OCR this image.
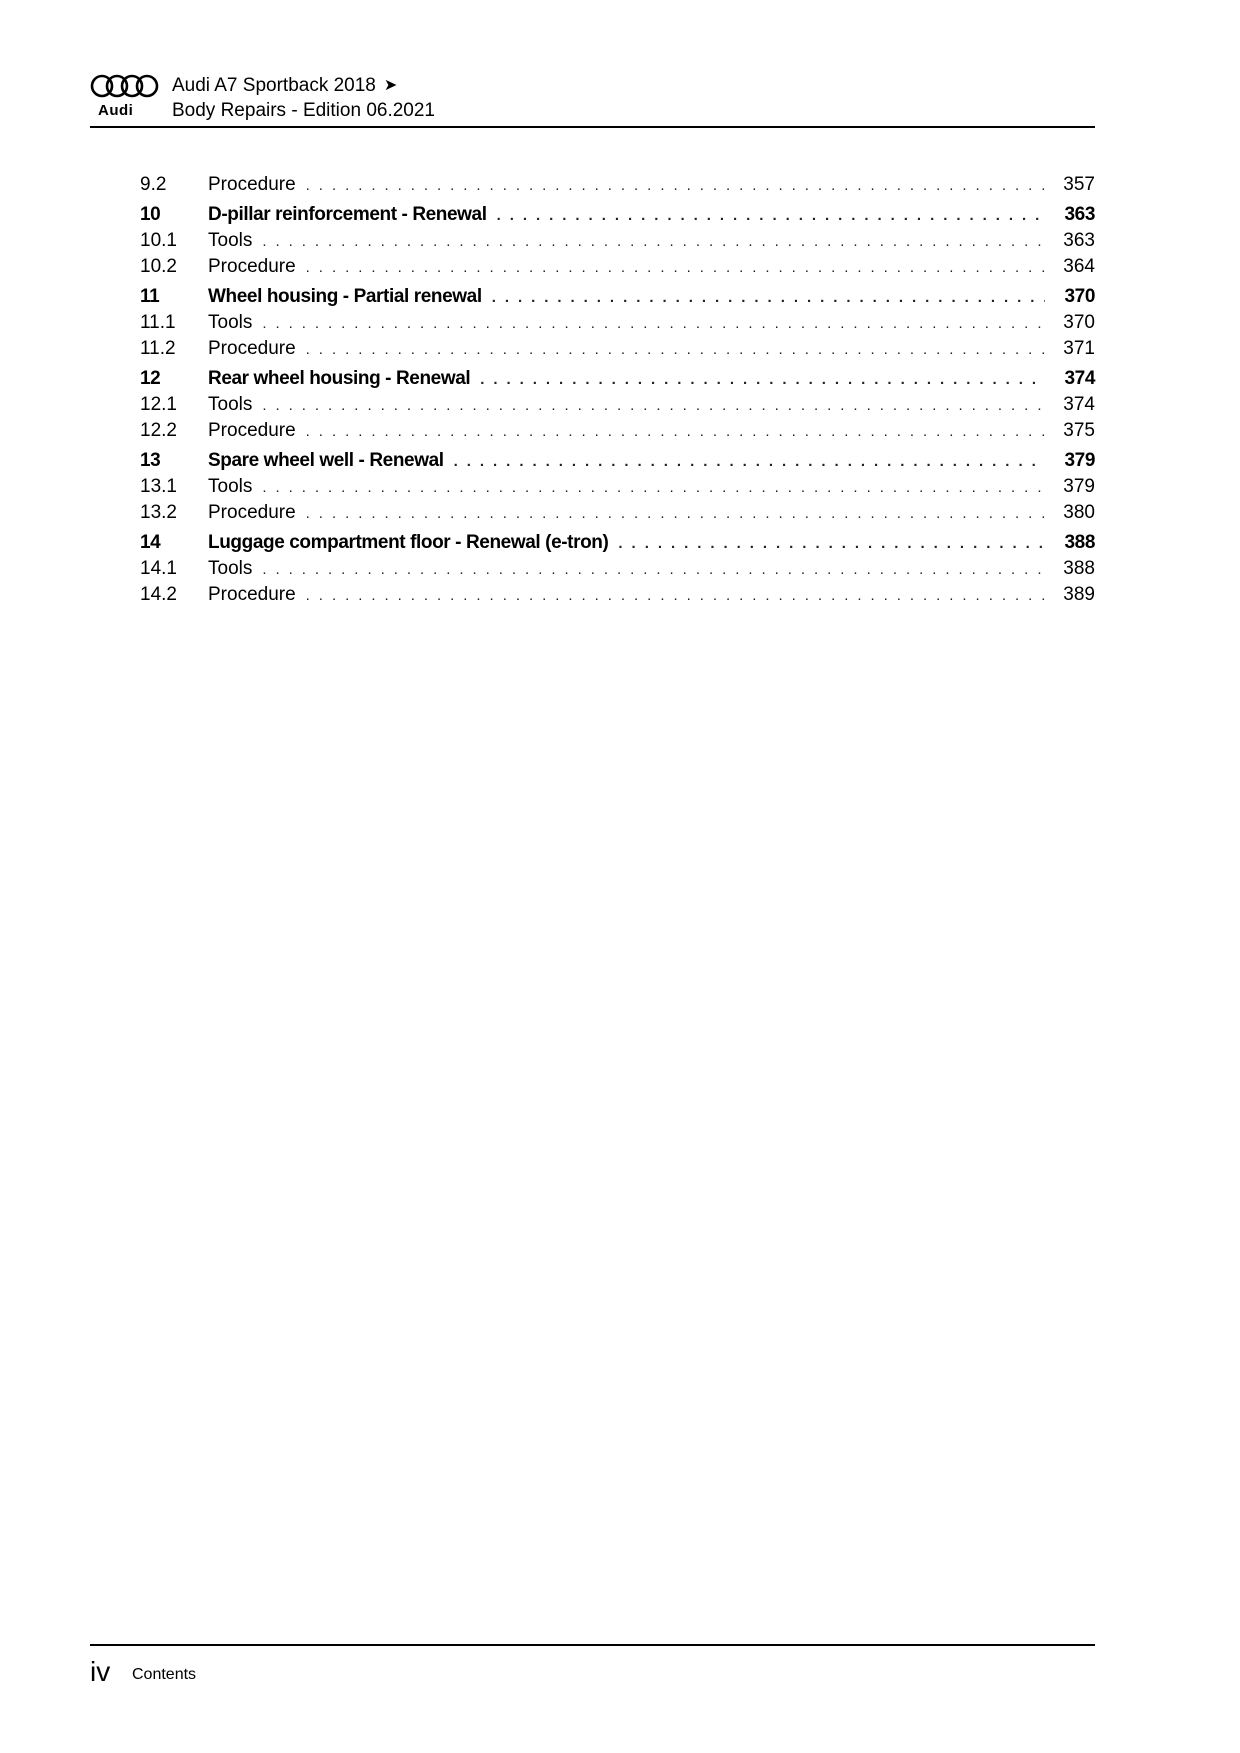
Audi
Audi A7 Sportback 2018 ➤
Body Repairs - Edition 06.2021
9.2	Procedure . . .	357
10	D-pillar reinforcement - Renewal . . .	363
10.1	Tools . . .	363
10.2	Procedure . . .	364
11	Wheel housing - Partial renewal . . .	370
11.1	Tools . . .	370
11.2	Procedure . . .	371
12	Rear wheel housing - Renewal . . .	374
12.1	Tools . . .	374
12.2	Procedure . . .	375
13	Spare wheel well - Renewal . . .	379
13.1	Tools . . .	379
13.2	Procedure . . .	380
14	Luggage compartment floor - Renewal (e-tron) . . .	388
14.1	Tools . . .	388
14.2	Procedure . . .	389
iv Contents
